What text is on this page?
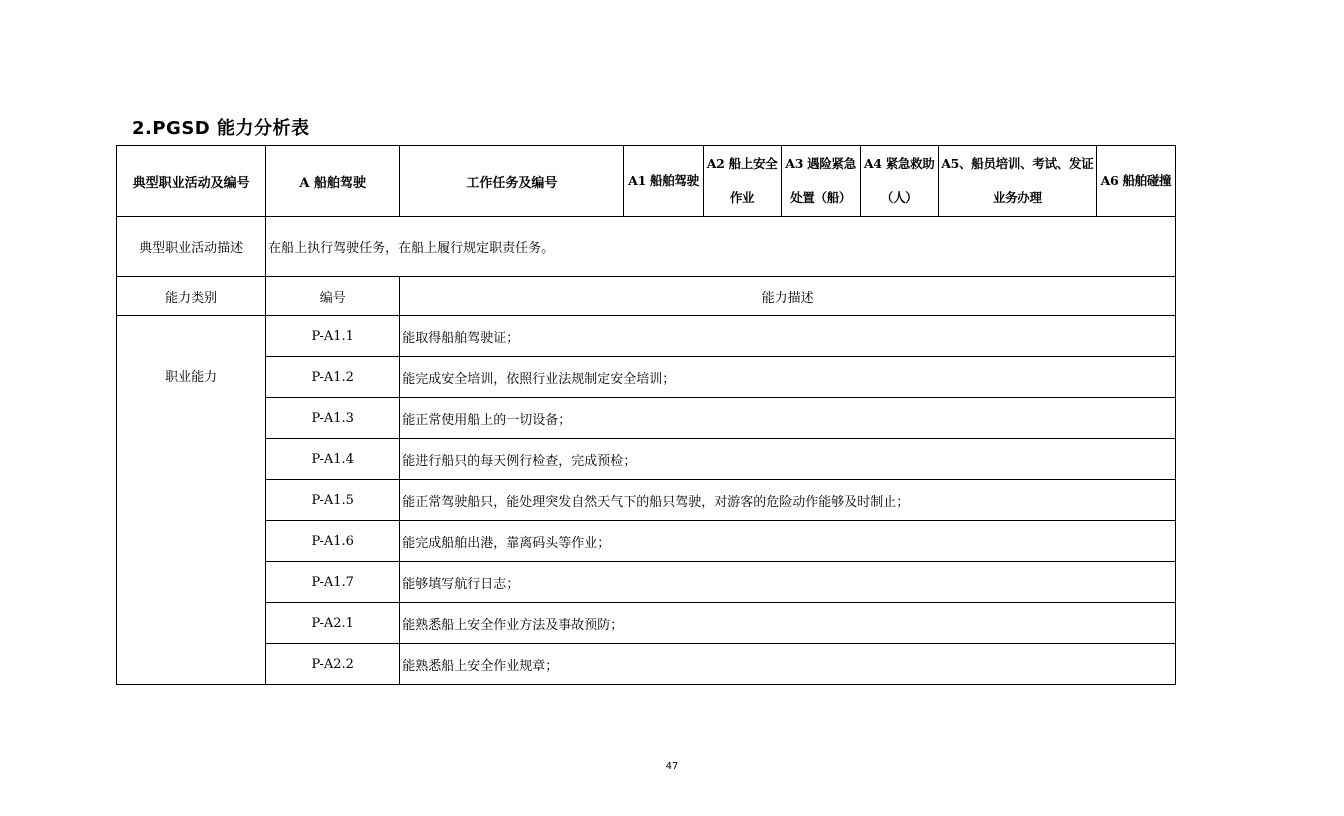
2.PGSD 能力分析表
典型职业活动及编号	A 船舶驾驶	工作任务及编号	A1 船舶驾驶	A2 船上安全作业	A3 遇险紧急处置（船）	A4 紧急救助（人）	A5、船员培训、考试、发证业务办理	A6 船舶碰撞
典型职业活动描述	在船上执行驾驶任务，在船上履行规定职责任务。							
能力类别	编号	能力描述						
职业能力	P-A1.1	能取得船舶驾驶证；						
	P-A1.2	能完成安全培训，依照行业法规制定安全培训；						
	P-A1.3	能正常使用船上的一切设备；						
	P-A1.4	能进行船只的每天例行检查，完成预检；						
	P-A1.5	能正常驾驶船只，能处理突发自然天气下的船只驾驶，对游客的危险动作能够及时制止；						
	P-A1.6	能完成船舶出港，靠离码头等作业；						
	P-A1.7	能够填写航行日志；						
	P-A2.1	能熟悉船上安全作业方法及事故预防；						
	P-A2.2	能熟悉船上安全作业规章；						
47
